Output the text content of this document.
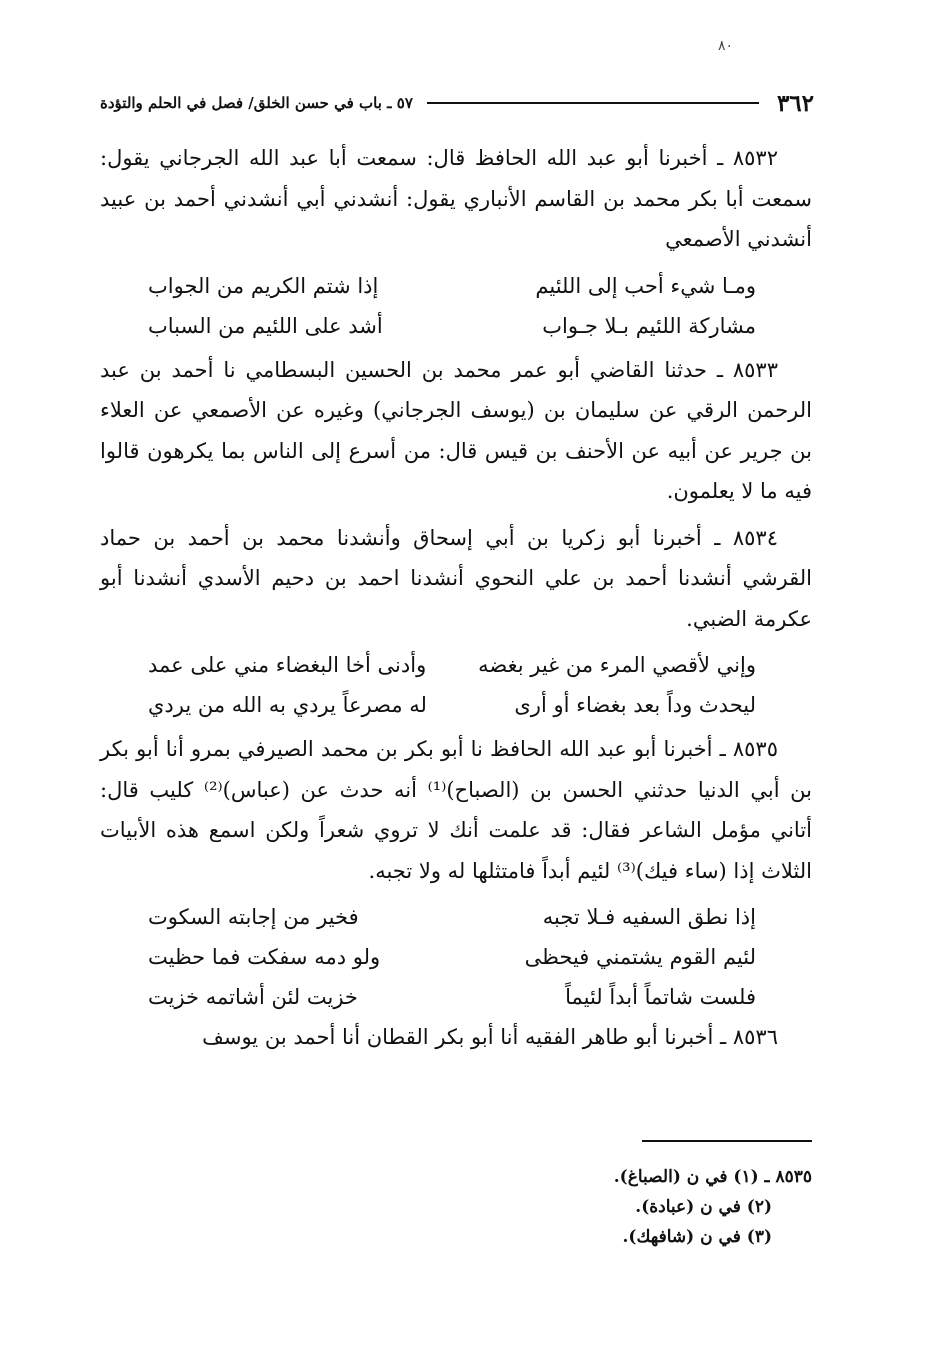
٨٠
٣٦٢
٥٧ ـ باب في حسن الخلق/ فصل في الحلم والتؤدة

٨٥٣٢ ـ أخبرنا أبو عبد الله الحافظ قال: سمعت أبا عبد الله الجرجاني يقول: سمعت أبا بكر محمد بن القاسم الأنباري يقول: أنشدني أبي أنشدني أحمد بن عبيد أنشدني الأصمعي

ومـا شيء أحب إلى اللئيم
إذا شتم الكريم من الجواب
مشاركة اللئيم بـلا جـواب
أشد على اللئيم من السباب

٨٥٣٣ ـ حدثنا القاضي أبو عمر محمد بن الحسين البسطامي نا أحمد بن عبد الرحمن الرقي عن سليمان بن (يوسف الجرجاني) وغيره عن الأصمعي عن العلاء بن جرير عن أبيه عن الأحنف بن قيس قال: من أسرع إلى الناس بما يكرهون قالوا فيه ما لا يعلمون.

٨٥٣٤ ـ أخبرنا أبو زكريا بن أبي إسحاق وأنشدنا محمد بن أحمد بن حماد القرشي أنشدنا أحمد بن علي النحوي أنشدنا احمد بن دحيم الأسدي أنشدنا أبو عكرمة الضبي.

وإني لأقصي المرء من غير بغضه
وأدنى أخا البغضاء مني على عمد
ليحدث وداً بعد بغضاء أو أرى
له مصرعاً يردي به الله من يردي

٨٥٣٥ ـ أخبرنا أبو عبد الله الحافظ نا أبو بكر بن محمد الصيرفي بمرو أنا أبو بكر بن أبي الدنيا حدثني الحسن بن (الصباح)⁽¹⁾ أنه حدث عن (عباس)⁽²⁾ كليب قال: أتاني مؤمل الشاعر فقال: قد علمت أنك لا تروي شعراً ولكن اسمع هذه الأبيات الثلاث إذا (ساء فيك)⁽³⁾ لئيم أبداً فامتثلها له ولا تجبه.

إذا نطق السفيه فـلا تجبه
فخير من إجابته السكوت
لئيم القوم يشتمني فيحظى
ولو دمه سفكت فما حظيت
فلست شاتماً أبداً لئيماً
خزيت لئن أشاتمه خزيت

٨٥٣٦ ـ أخبرنا أبو طاهر الفقيه أنا أبو بكر القطان أنا أحمد بن يوسف

٨٥٣٥ ـ (١) في ن (الصباغ).

(٢) في ن (عبادة).

(٣) في ن (شافهك).
